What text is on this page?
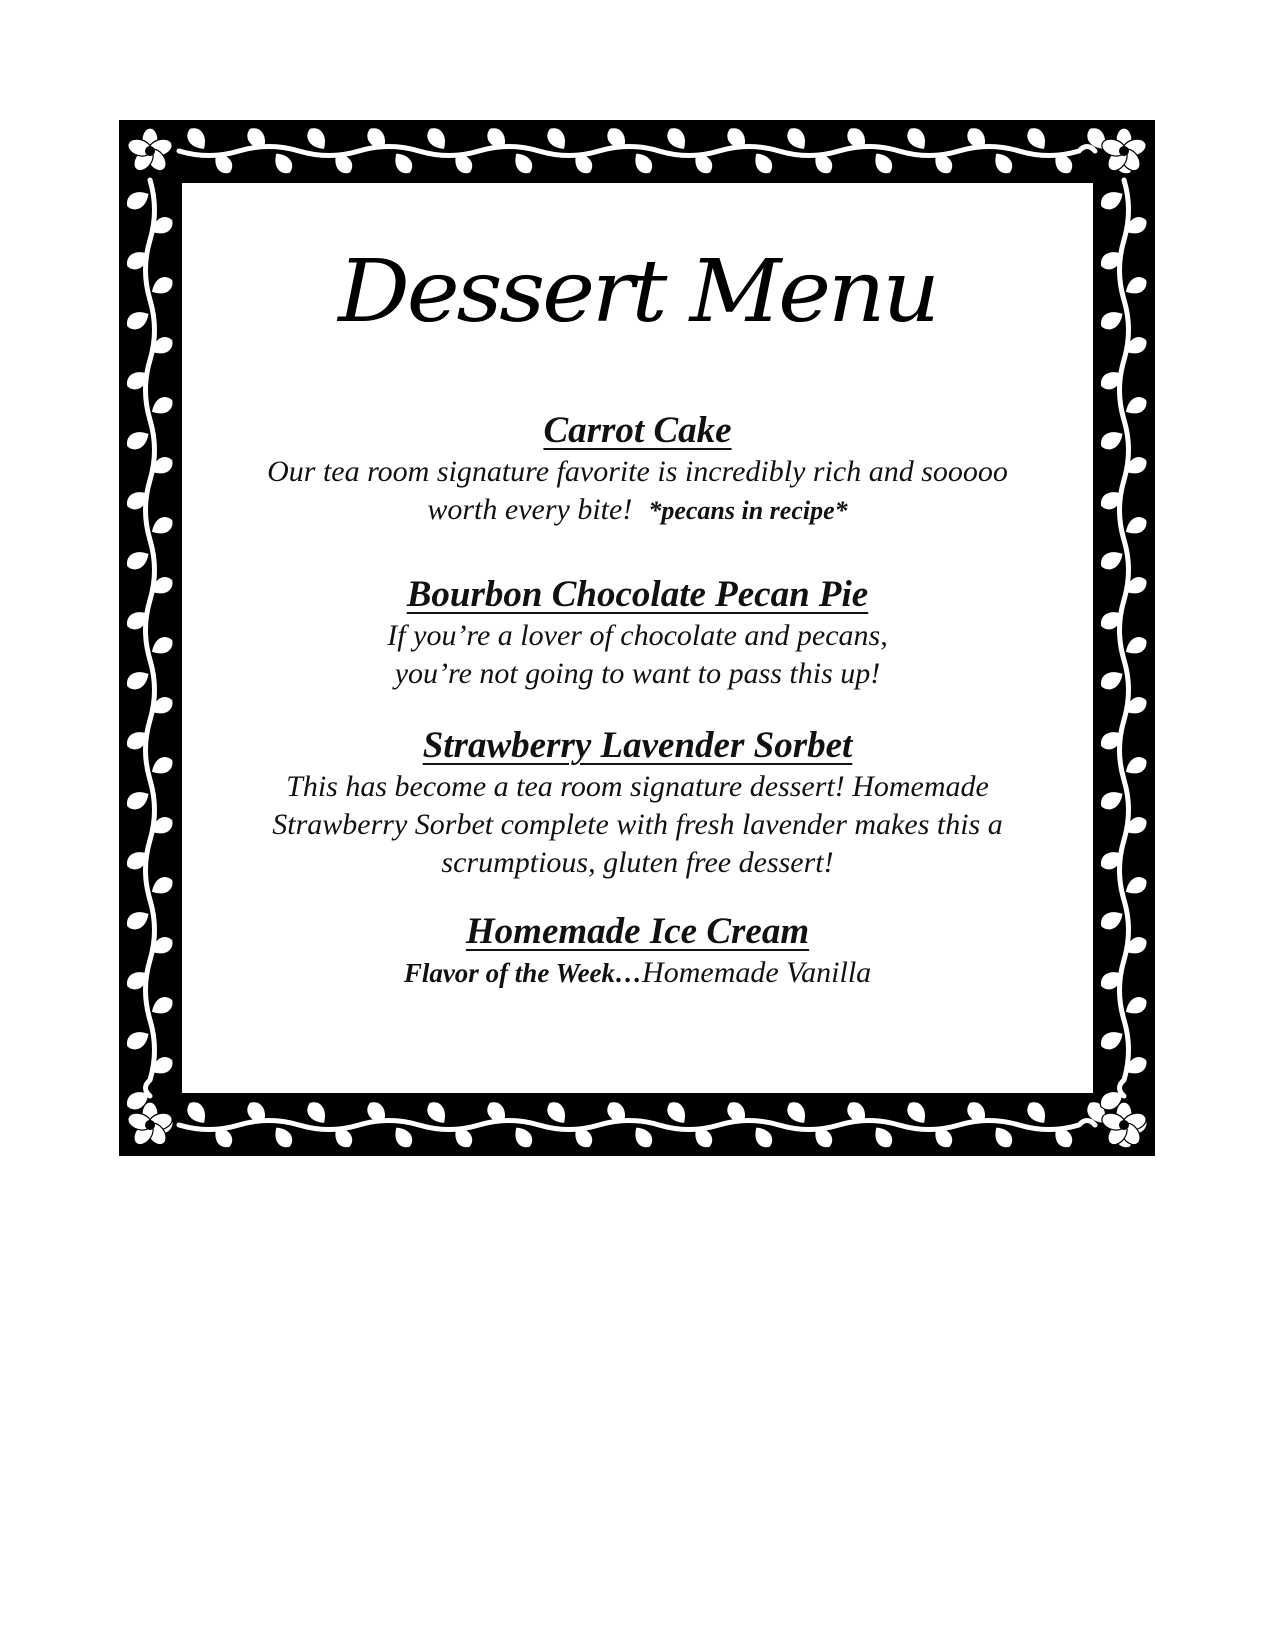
Dessert Menu

Carrot Cake

Our tea room signature favorite is incredibly rich and sooooo
worth every bite! *pecans in recipe*

Bourbon Chocolate Pecan Pie

If you’re a lover of chocolate and pecans,
you’re not going to want to pass this up!

Strawberry Lavender Sorbet

This has become a tea room signature dessert! Homemade
Strawberry Sorbet complete with fresh lavender makes this a
scrumptious, gluten free dessert!

Homemade Ice Cream

Flavor of the Week…Homemade Vanilla
